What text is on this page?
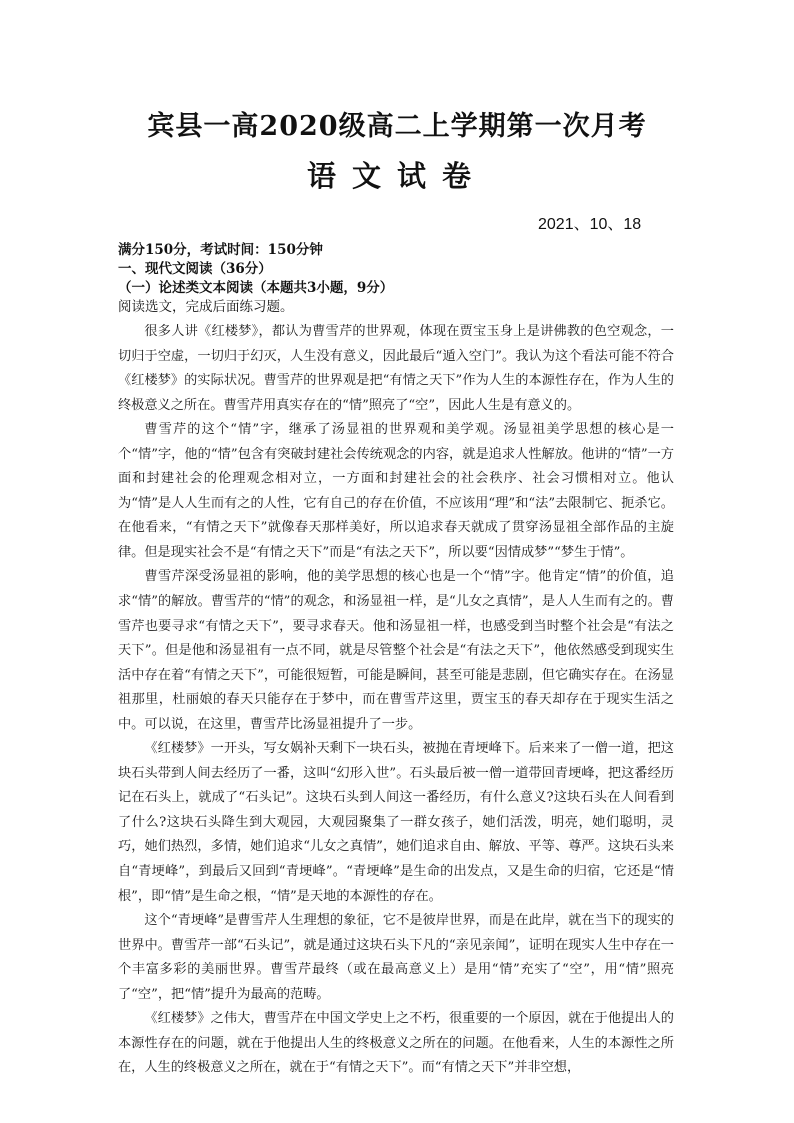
宾县一高2020级高二上学期第一次月考
语文试卷
2021、10、18
满分150分，考试时间：150分钟
一、现代文阅读（36分）
（一）论述类文本阅读（本题共3小题，9分）
阅读选文，完成后面练习题。

很多人讲《红楼梦》，都认为曹雪芹的世界观，体现在贾宝玉身上是讲佛教的色空观念，一切归于空虚，一切归于幻灭，人生没有意义，因此最后“遁入空门”。我认为这个看法可能不符合《红楼梦》的实际状况。曹雪芹的世界观是把“有情之天下”作为人生的本源性存在，作为人生的终极意义之所在。曹雪芹用真实存在的“情”照亮了“空”，因此人生是有意义的。

曹雪芹的这个“情”字，继承了汤显祖的世界观和美学观。汤显祖美学思想的核心是一个“情”字，他的“情”包含有突破封建社会传统观念的内容，就是追求人性解放。他讲的“情”一方面和封建社会的伦理观念相对立，一方面和封建社会的社会秩序、社会习惯相对立。他认为“情”是人人生而有之的人性，它有自己的存在价值，不应该用“理”和“法”去限制它、扼杀它。在他看来，“有情之天下”就像春天那样美好，所以追求春天就成了贯穿汤显祖全部作品的主旋律。但是现实社会不是“有情之天下”而是“有法之天下”，所以要“因情成梦”“梦生于情”。

曹雪芹深受汤显祖的影响，他的美学思想的核心也是一个“情”字。他肯定“情”的价值，追求“情”的解放。曹雪芹的“情”的观念，和汤显祖一样，是“儿女之真情”，是人人生而有之的。曹雪芹也要寻求“有情之天下”，要寻求春天。他和汤显祖一样，也感受到当时整个社会是“有法之天下”。但是他和汤显祖有一点不同，就是尽管整个社会是“有法之天下”，他依然感受到现实生活中存在着“有情之天下”，可能很短暂，可能是瞬间，甚至可能是悲剧，但它确实存在。在汤显祖那里，杜丽娘的春天只能存在于梦中，而在曹雪芹这里，贾宝玉的春天却存在于现实生活之中。可以说，在这里，曹雪芹比汤显祖提升了一步。

《红楼梦》一开头，写女娲补天剩下一块石头，被抛在青埂峰下。后来来了一僧一道，把这块石头带到人间去经历了一番，这叫“幻形入世”。石头最后被一僧一道带回青埂峰，把这番经历记在石头上，就成了“石头记”。这块石头到人间这一番经历，有什么意义?这块石头在人间看到了什么?这块石头降生到大观园，大观园聚集了一群女孩子，她们活泼，明亮，她们聪明，灵巧，她们热烈，多情，她们追求“儿女之真情”，她们追求自由、解放、平等、尊严。这块石头来自“青埂峰”，到最后又回到“青埂峰”。“青埂峰”是生命的出发点，又是生命的归宿，它还是“情根”，即“情”是生命之根，“情”是天地的本源性的存在。

这个“青埂峰”是曹雪芹人生理想的象征，它不是彼岸世界，而是在此岸，就在当下的现实的世界中。曹雪芹一部“石头记”，就是通过这块石头下凡的“亲见亲闻”，证明在现实人生中存在一个丰富多彩的美丽世界。曹雪芹最终（或在最高意义上）是用“情”充实了“空”，用“情”照亮了“空”，把“情”提升为最高的范畴。

《红楼梦》之伟大，曹雪芹在中国文学史上之不朽，很重要的一个原因，就在于他提出人的本源性存在的问题，就在于他提出人生的终极意义之所在的问题。在他看来，人生的本源性之所在，人生的终极意义之所在，就在于“有情之天下”。而“有情之天下”并非空想，
